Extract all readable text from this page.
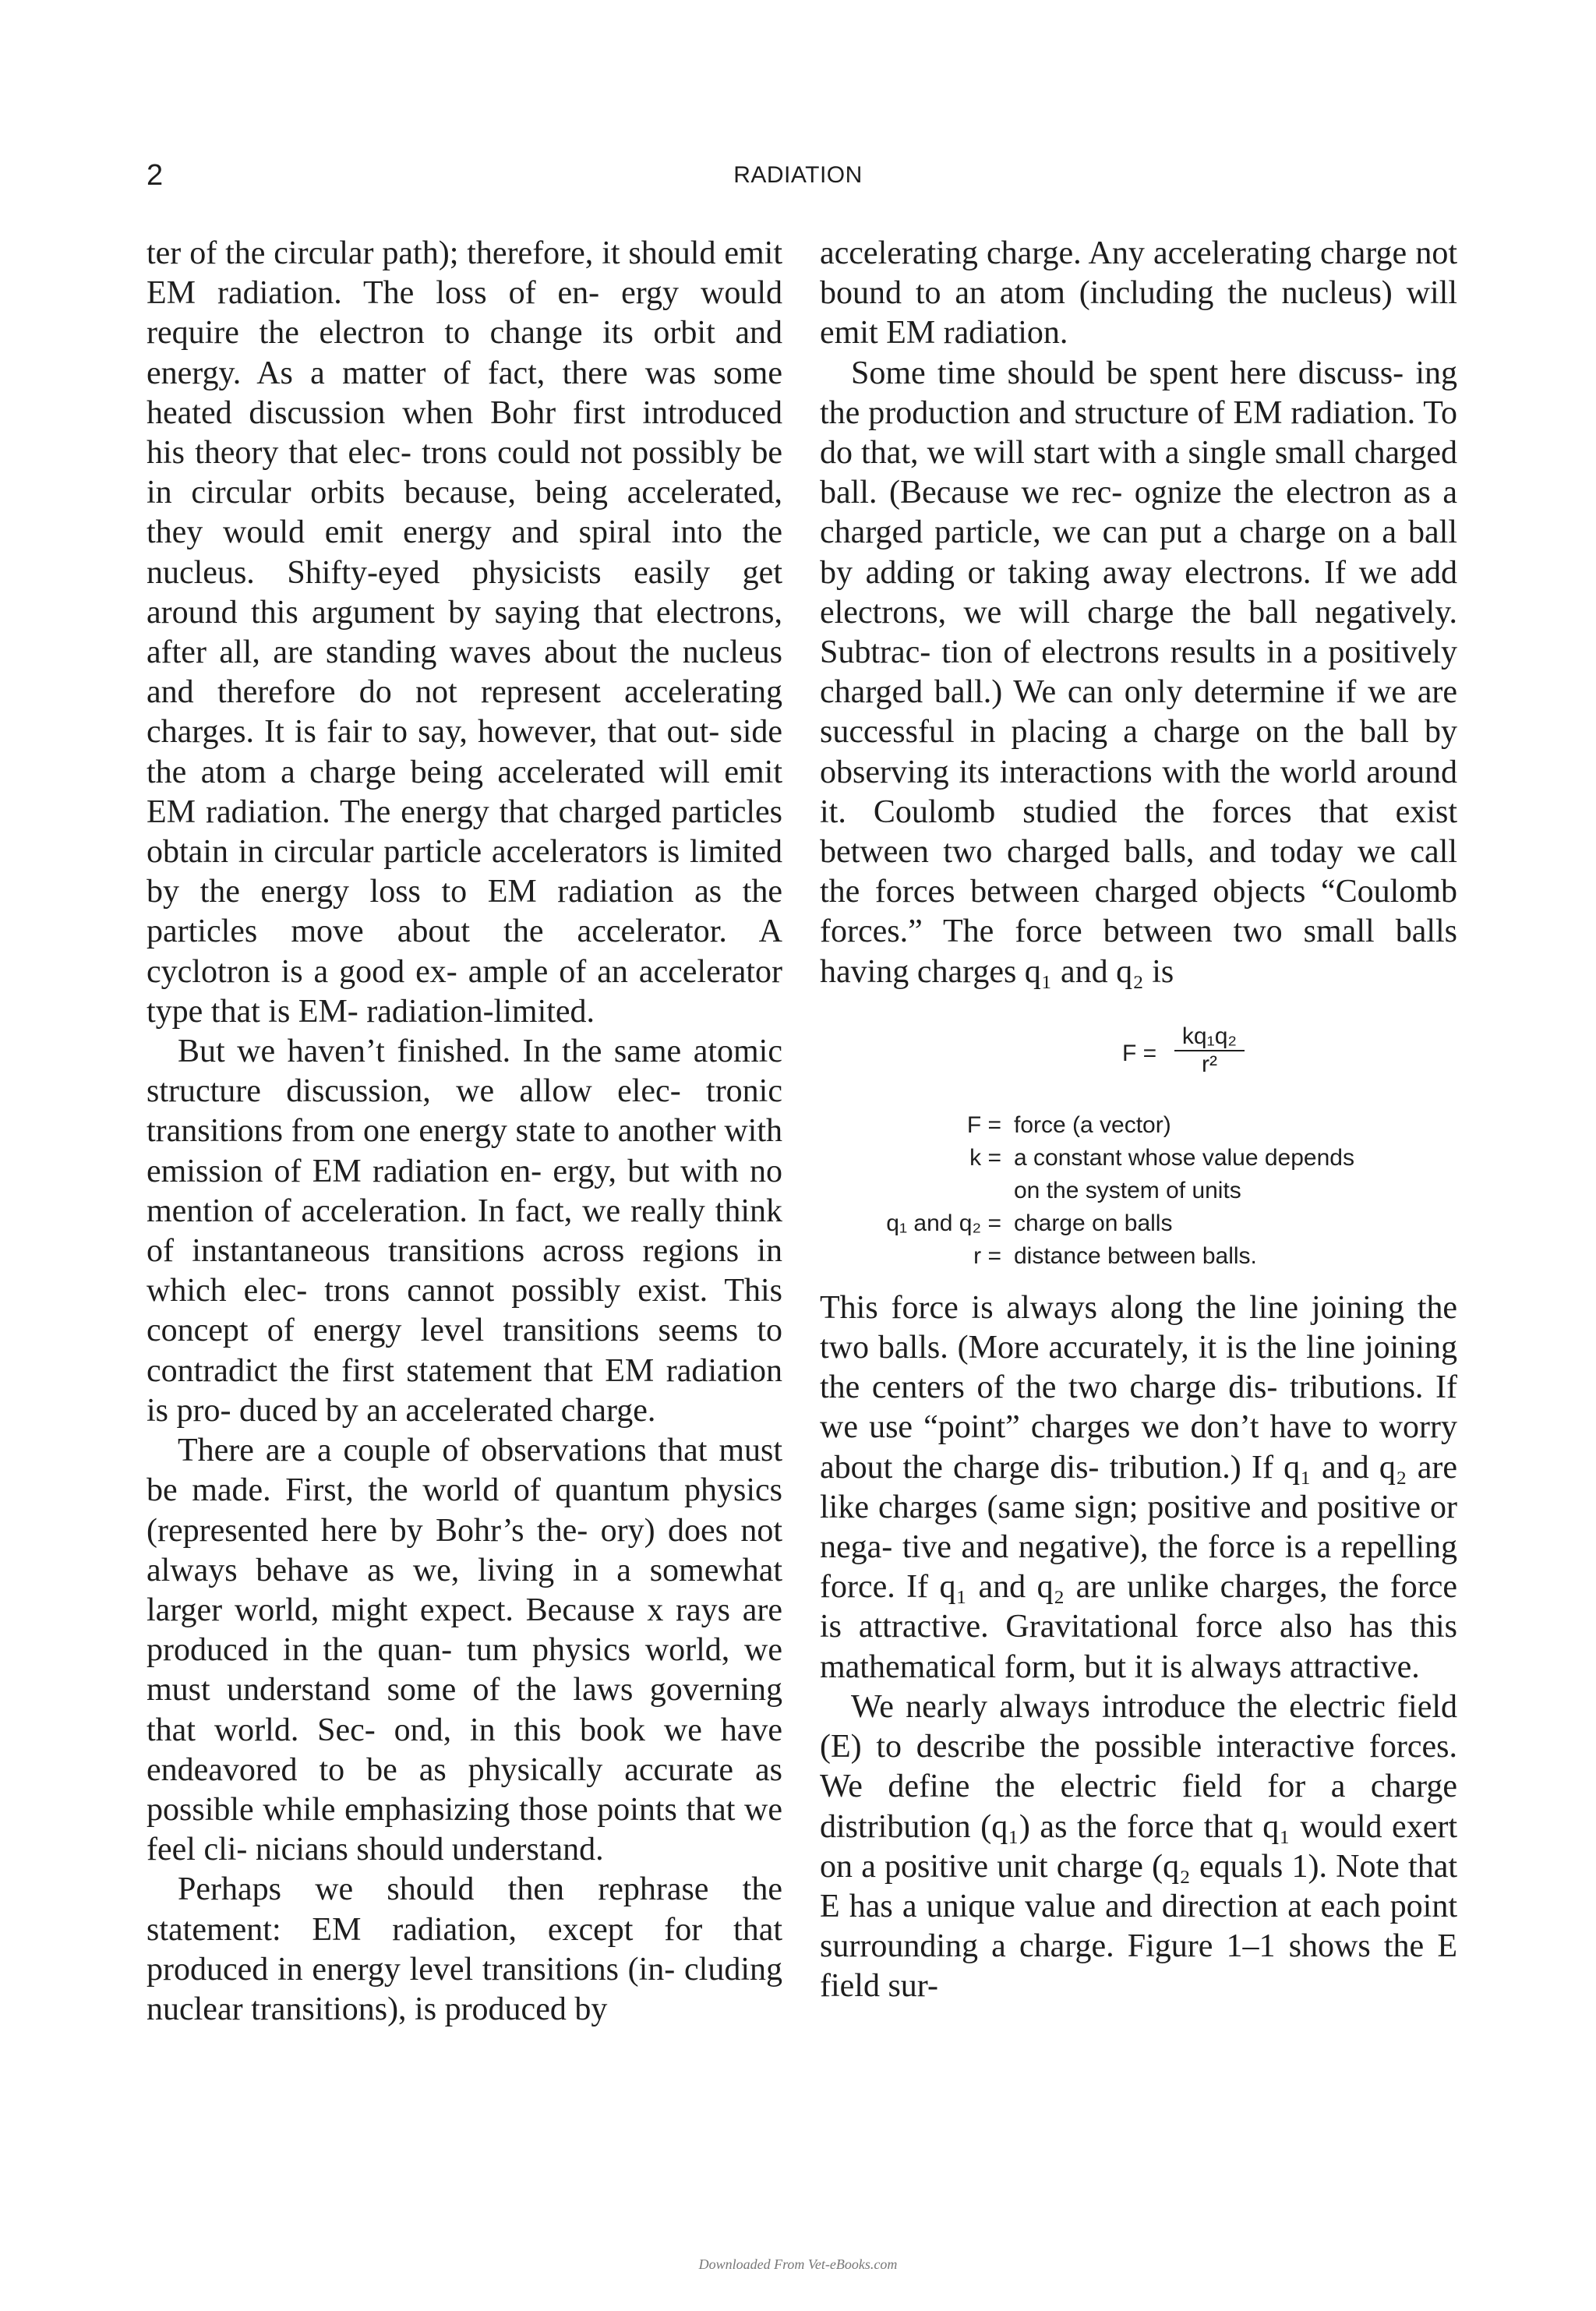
2	RADIATION

ter of the circular path); therefore, it should emit EM radiation. The loss of en- ergy would require the electron to change its orbit and energy. As a matter of fact, there was some heated discussion when Bohr first introduced his theory that elec- trons could not possibly be in circular orbits because, being accelerated, they would emit energy and spiral into the nucleus. Shifty-eyed physicists easily get around this argument by saying that electrons, after all, are standing waves about the nucleus and therefore do not represent accelerating charges. It is fair to say, however, that out- side the atom a charge being accelerated will emit EM radiation. The energy that charged particles obtain in circular particle accelerators is limited by the energy loss to EM radiation as the particles move about the accelerator. A cyclotron is a good ex- ample of an accelerator type that is EM- radiation-limited.

But we haven’t finished. In the same atomic structure discussion, we allow elec- tronic transitions from one energy state to another with emission of EM radiation en- ergy, but with no mention of acceleration. In fact, we really think of instantaneous transitions across regions in which elec- trons cannot possibly exist. This concept of energy level transitions seems to contradict the first statement that EM radiation is pro- duced by an accelerated charge.

There are a couple of observations that must be made. First, the world of quantum physics (represented here by Bohr’s the- ory) does not always behave as we, living in a somewhat larger world, might expect. Because x rays are produced in the quan- tum physics world, we must understand some of the laws governing that world. Sec- ond, in this book we have endeavored to be as physically accurate as possible while emphasizing those points that we feel cli- nicians should understand.

Perhaps we should then rephrase the statement: EM radiation, except for that produced in energy level transitions (in- cluding nuclear transitions), is produced by

accelerating charge. Any accelerating charge not bound to an atom (including the nucleus) will emit EM radiation.

Some time should be spent here discuss- ing the production and structure of EM radiation. To do that, we will start with a single small charged ball. (Because we rec- ognize the electron as a charged particle, we can put a charge on a ball by adding or taking away electrons. If we add electrons, we will charge the ball negatively. Subtrac- tion of electrons results in a positively charged ball.) We can only determine if we are successful in placing a charge on the ball by observing its interactions with the world around it. Coulomb studied the forces that exist between two charged balls, and today we call the forces between charged objects “Coulomb forces.” The force between two small balls having charges q₁ and q₂ is

$F = \frac{\text{kq₁q₂}}{\text{r²}}$
F = force (a vector)
k = a constant whose value depends
on the system of units
q₁ and q₂ = charge on balls
r = distance between balls.

This force is always along the line joining the two balls. (More accurately, it is the line joining the centers of the two charge dis- tributions. If we use “point” charges we don’t have to worry about the charge dis- tribution.) If q₁ and q₂ are like charges (same sign; positive and positive or nega- tive and negative), the force is a repelling force. If q₁ and q₂ are unlike charges, the force is attractive. Gravitational force also has this mathematical form, but it is always attractive.

We nearly always introduce the electric field (E) to describe the possible interactive forces. We define the electric field for a charge distribution (q₁) as the force that q₁ would exert on a positive unit charge (q₂ equals 1). Note that E has a unique value and direction at each point surrounding a charge. Figure 1–1 shows the E field sur-

Downloaded From Vet-eBooks.com
